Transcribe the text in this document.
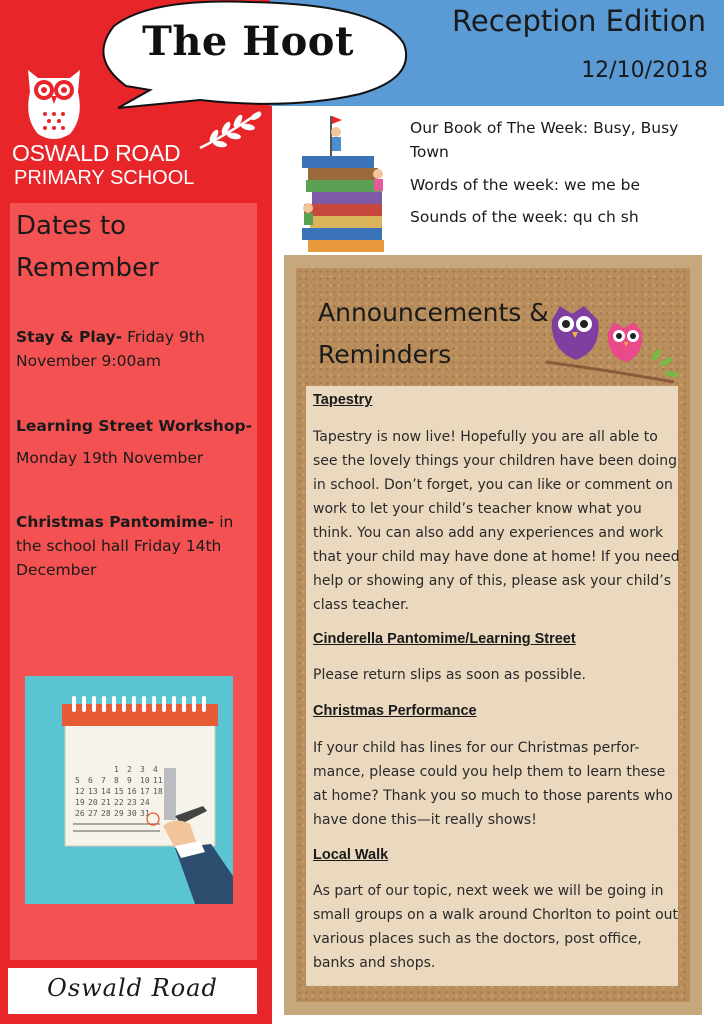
Dates to Remember
Stay & Play- Friday 9th November 9:00am
Learning Street Workshop-
Monday 19th November
Christmas Pantomime- in the school hall Friday 14th December
1 2 3 4
5 6 7 8 9 10 11
12 13 14 15 16 17 18
19 20 21 22 23 24
26 27 28 29 30 31
Oswald Road
Reception Edition
12/10/2018
The Hoot
OSWALD ROAD
PRIMARY SCHOOL
Our Book of The Week: Busy, Busy Town
Words of the week: we me be
Sounds of the week: qu ch sh
Announcements & Reminders
Tapestry
Tapestry is now live! Hopefully you are all able to see the lovely things your children have been doing in school. Don’t forget, you can like or comment on work to let your child’s teacher know what you think. You can also add any experiences and work that your child may have done at home! If you need help or showing any of this, please ask your child’s class teacher.
Cinderella Pantomime/Learning Street
Please return slips as soon as possible.
Christmas Performance
If your child has lines for our Christmas perfor-mance, please could you help them to learn these at home? Thank you so much to those parents who have done this—it really shows!
Local Walk
As part of our topic, next week we will be going in small groups on a walk around Chorlton to point out various places such as the doctors, post office, banks and shops.
